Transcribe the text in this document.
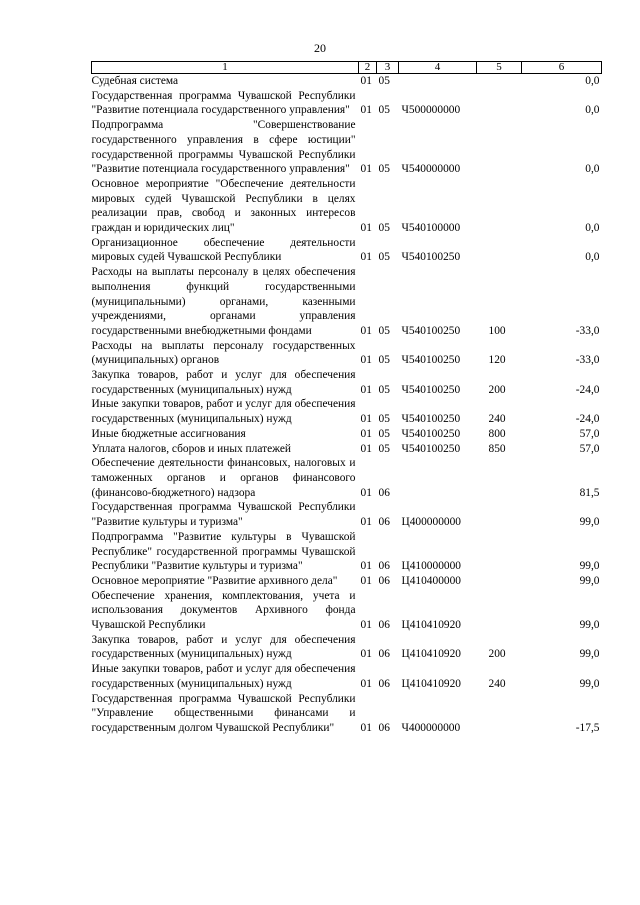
20
1	2	3	4	5	6
Судебная система	01	05			0,0
Государственная программа Чувашской Республики "Развитие потенциала государственного управления"	01	05	Ч500000000		0,0
Подпрограмма "Совершенствование государственного управления в сфере юстиции" государственной программы Чувашской Республики "Развитие потенциала государственного управления"	01	05	Ч540000000		0,0
Основное мероприятие "Обеспечение деятельности мировых судей Чувашской Республики в целях реализации прав, свобод и законных интересов граждан и юридических лиц"	01	05	Ч540100000		0,0
Организационное обеспечение деятельности мировых судей Чувашской Республики	01	05	Ч540100250		0,0
Расходы на выплаты персоналу в целях обеспечения выполнения функций государственными (муниципальными) органами, казенными учреждениями, органами управления государственными внебюджетными фондами	01	05	Ч540100250	100	-33,0
Расходы на выплаты персоналу государственных (муниципальных) органов	01	05	Ч540100250	120	-33,0
Закупка товаров, работ и услуг для обеспечения государственных (муниципальных) нужд	01	05	Ч540100250	200	-24,0
Иные закупки товаров, работ и услуг для обеспечения государственных (муниципальных) нужд	01	05	Ч540100250	240	-24,0
Иные бюджетные ассигнования	01	05	Ч540100250	800	57,0
Уплата налогов, сборов и иных платежей	01	05	Ч540100250	850	57,0
Обеспечение деятельности финансовых, налоговых и таможенных органов и органов финансового (финансово-бюджетного) надзора	01	06			81,5
Государственная программа Чувашской Республики "Развитие культуры и туризма"	01	06	Ц400000000		99,0
Подпрограмма "Развитие культуры в Чувашской Республике" государственной программы Чувашской Республики "Развитие культуры и туризма"	01	06	Ц410000000		99,0
Основное мероприятие "Развитие архивного дела"	01	06	Ц410400000		99,0
Обеспечение хранения, комплектования, учета и использования документов Архивного фонда Чувашской Республики	01	06	Ц410410920		99,0
Закупка товаров, работ и услуг для обеспечения государственных (муниципальных) нужд	01	06	Ц410410920	200	99,0
Иные закупки товаров, работ и услуг для обеспечения государственных (муниципальных) нужд	01	06	Ц410410920	240	99,0
Государственная программа Чувашской Республики "Управление общественными финансами и государственным долгом Чувашской Республики"	01	06	Ч400000000		-17,5
